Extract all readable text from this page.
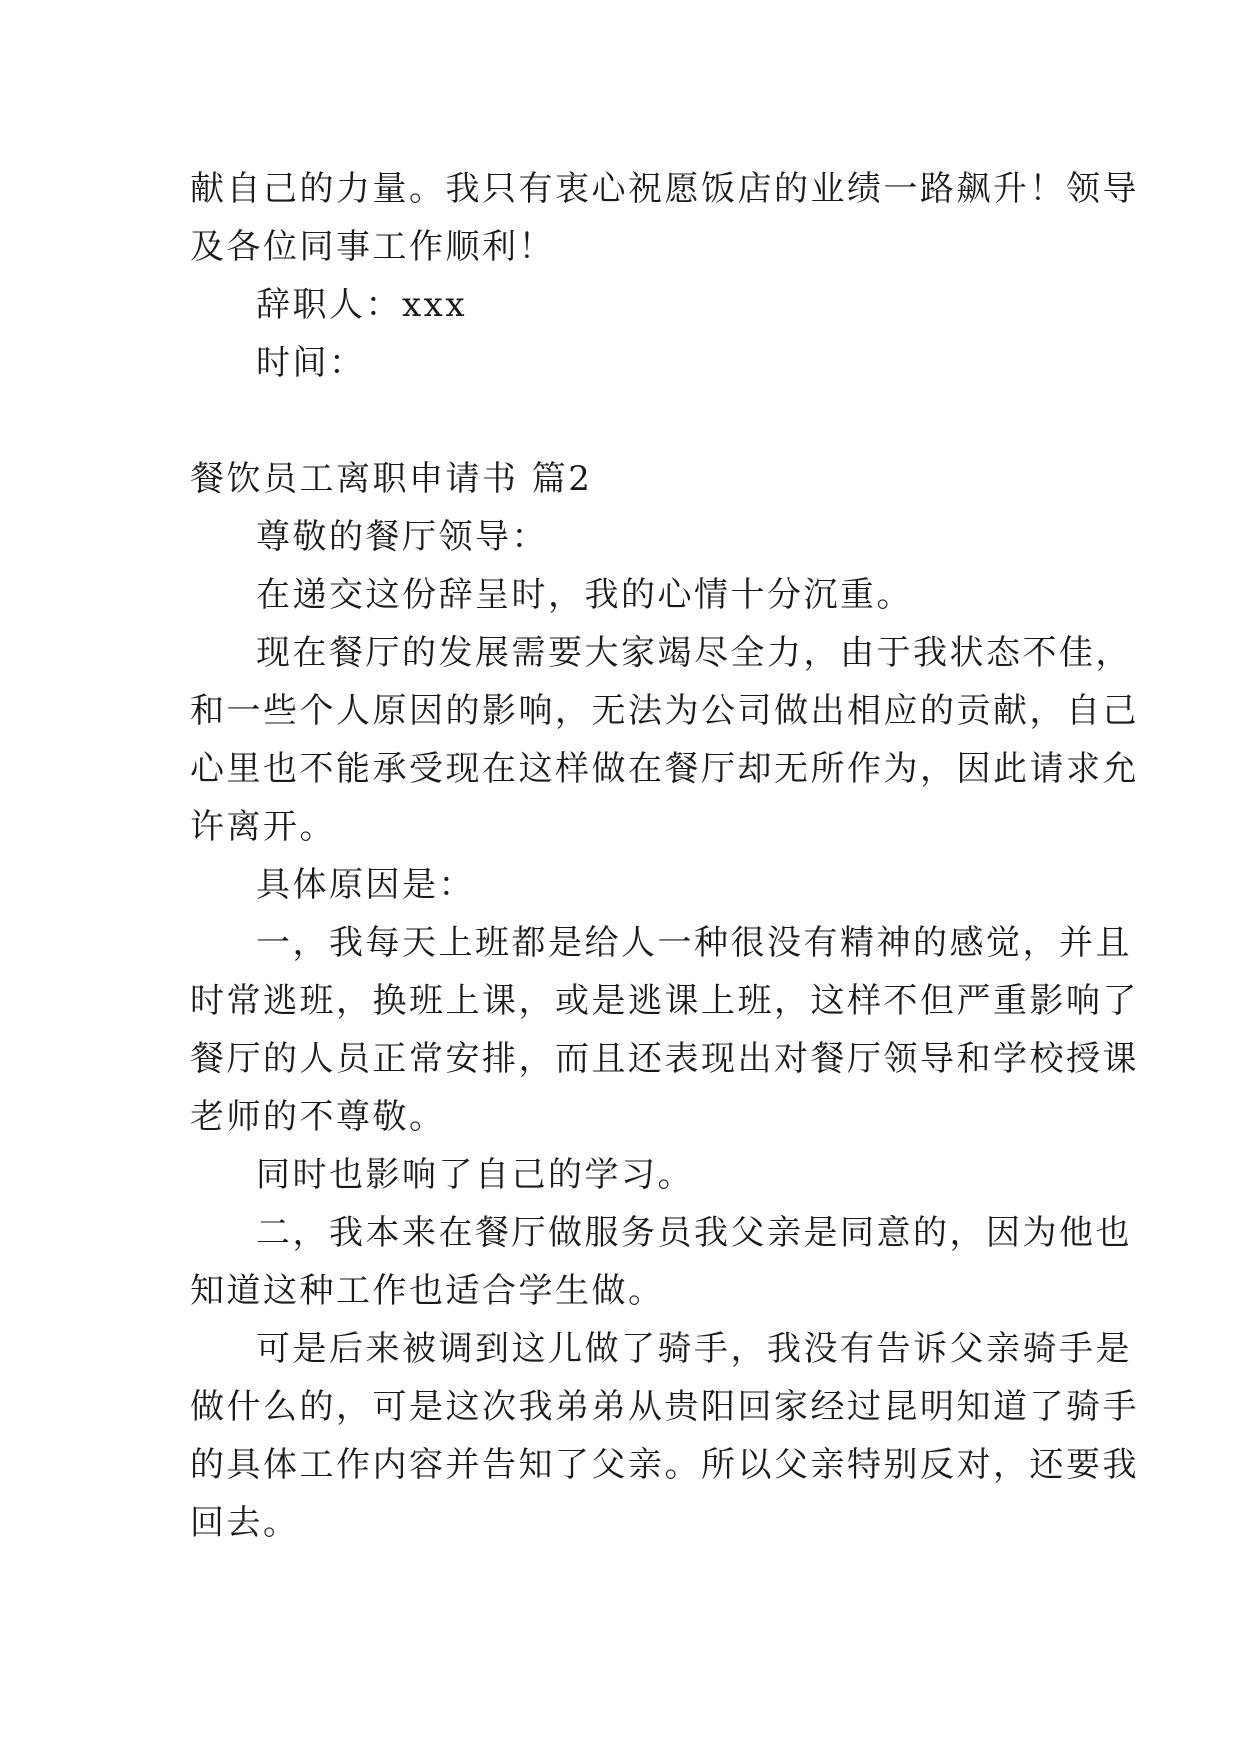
献自己的力量。我只有衷心祝愿饭店的业绩一路飙升！领导
及各位同事工作顺利！
辞职人：xxx
时间：
餐饮员工离职申请书 篇2
尊敬的餐厅领导：
在递交这份辞呈时，我的心情十分沉重。
现在餐厅的发展需要大家竭尽全力，由于我状态不佳，
和一些个人原因的影响，无法为公司做出相应的贡献，自己
心里也不能承受现在这样做在餐厅却无所作为，因此请求允
许离开。
具体原因是：
一，我每天上班都是给人一种很没有精神的感觉，并且
时常逃班，换班上课，或是逃课上班，这样不但严重影响了
餐厅的人员正常安排，而且还表现出对餐厅领导和学校授课
老师的不尊敬。
同时也影响了自己的学习。
二，我本来在餐厅做服务员我父亲是同意的，因为他也
知道这种工作也适合学生做。
可是后来被调到这儿做了骑手，我没有告诉父亲骑手是
做什么的，可是这次我弟弟从贵阳回家经过昆明知道了骑手
的具体工作内容并告知了父亲。所以父亲特别反对，还要我
回去。
